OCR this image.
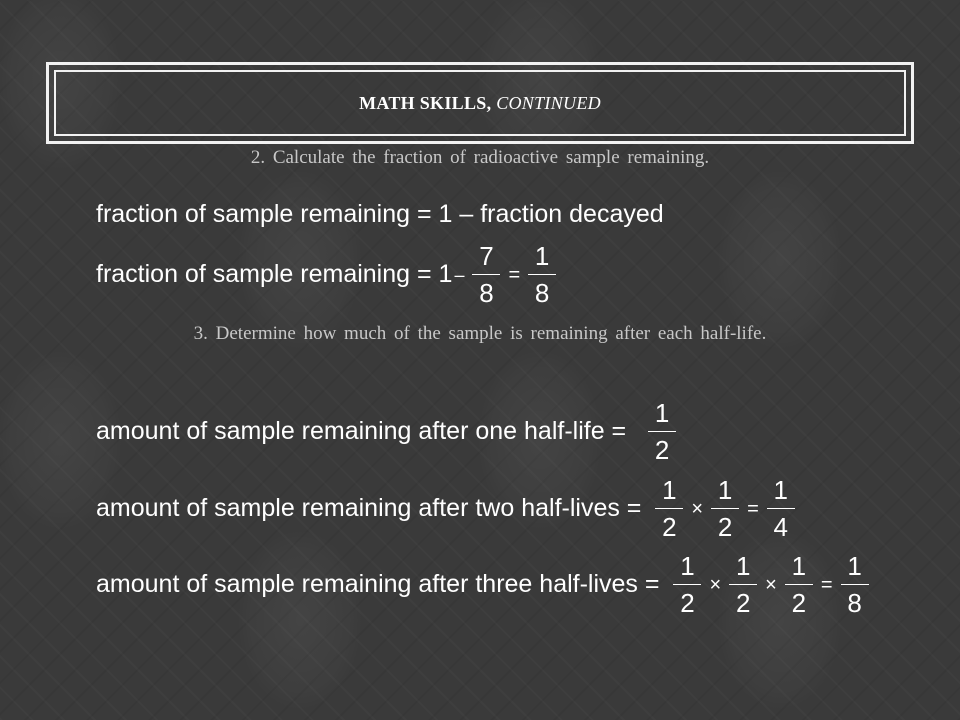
MATH SKILLS, CONTINUED
2. Calculate the fraction of radioactive sample remaining.
fraction of sample remaining = 1 – fraction decayed
fraction of sample remaining = $1 - \frac{7}{8} = \frac{1}{8}$
3. Determine how much of the sample is remaining after each half-life.
amount of sample remaining after one half-life = $\frac{1}{2}$
amount of sample remaining after two half-lives = $\frac{1}{2} \times \frac{1}{2} = \frac{1}{4}$
amount of sample remaining after three half-lives = $\frac{1}{2} \times \frac{1}{2} \times \frac{1}{2} = \frac{1}{8}$
